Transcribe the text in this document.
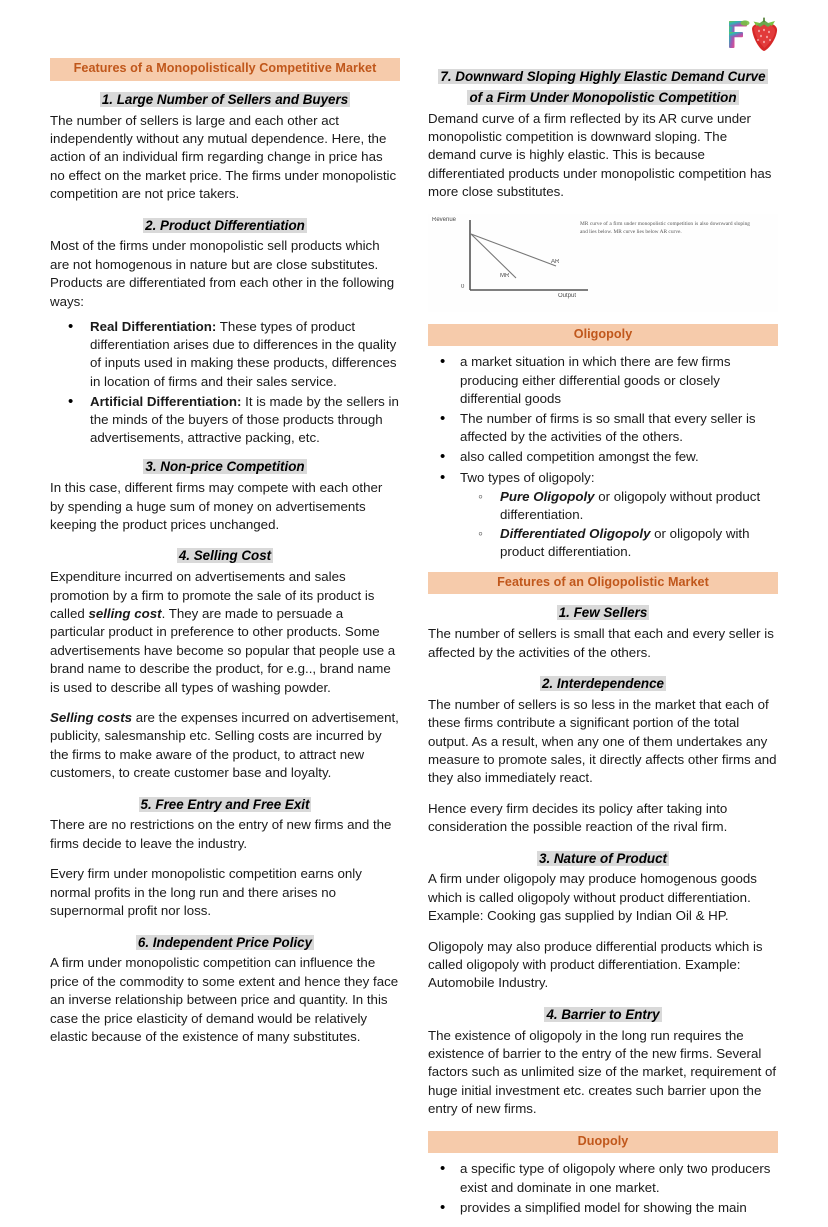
Features of a Monopolistically Competitive Market
1. Large Number of Sellers and Buyers

The number of sellers is large and each other act independently without any mutual dependence. Here, the action of an individual firm regarding change in price has no effect on the market price. The firms under monopolistic competition are not price takers.

2. Product Differentiation

Most of the firms under monopolistic sell products which are not homogenous in nature but are close substitutes. Products are differentiated from each other in the following ways:

• Real Differentiation: These types of product differentiation arises due to differences in the quality of inputs used in making these products, differences in location of firms and their sales service.
• Artificial Differentiation: It is made by the sellers in the minds of the buyers of those products through advertisements, attractive packing, etc.
3. Non-price Competition

In this case, different firms may compete with each other by spending a huge sum of money on advertisements keeping the product prices unchanged.

4. Selling Cost

Expenditure incurred on advertisements and sales promotion by a firm to promote the sale of its product is called selling cost. They are made to persuade a particular product in preference to other products. Some advertisements have become so popular that people use a brand name to describe the product, for e.g.., brand name is used to describe all types of washing powder.

Selling costs are the expenses incurred on advertisement, publicity, salesmanship etc. Selling costs are incurred by the firms to make aware of the product, to attract new customers, to create customer base and loyalty.

5. Free Entry and Free Exit

There are no restrictions on the entry of new firms and the firms decide to leave the industry.

Every firm under monopolistic competition earns only normal profits in the long run and there arises no supernormal profit nor loss.

6. Independent Price Policy

A firm under monopolistic competition can influence the price of the commodity to some extent and hence they face an inverse relationship between price and quantity. In this case the price elasticity of demand would be relatively elastic because of the existence of many substitutes.

7. Downward Sloping Highly Elastic Demand Curve
of a Firm Under Monopolistic Competition

Demand curve of a firm reflected by its AR curve under monopolistic competition is downward sloping. The demand curve is highly elastic. This is because differentiated products under monopolistic competition has more close substitutes.

Revenue
0
Output
AR
MR
MR curve of a firm under monopolistic competition is also downward sloping and lies below. MR curve lies below AR curve.
Oligopoly
• a market situation in which there are few firms producing either differential goods or closely differential goods
• The number of firms is so small that every seller is affected by the activities of the others.
• also called competition amongst the few.
• Two types of oligopoly:
◦ Pure Oligopoly or oligopoly without product differentiation.
◦ Differentiated Oligopoly or oligopoly with product differentiation.
Features of an Oligopolistic Market
1. Few Sellers

The number of sellers is small that each and every seller is affected by the activities of the others.

2. Interdependence

The number of sellers is so less in the market that each of these firms contribute a significant portion of the total output. As a result, when any one of them undertakes any measure to promote sales, it directly affects other firms and they also immediately react.

Hence every firm decides its policy after taking into consideration the possible reaction of the rival firm.

3. Nature of Product

A firm under oligopoly may produce homogenous goods which is called oligopoly without product differentiation. Example: Cooking gas supplied by Indian Oil & HP.

Oligopoly may also produce differential products which is called oligopoly with product differentiation. Example: Automobile Industry.

4. Barrier to Entry

The existence of oligopoly in the long run requires the existence of barrier to the entry of the new firms. Several factors such as unlimited size of the market, requirement of huge initial investment etc. creates such barrier upon the entry of new firms.

Duopoly
• a specific type of oligopoly where only two producers exist and dominate in one market.
• provides a simplified model for showing the main
